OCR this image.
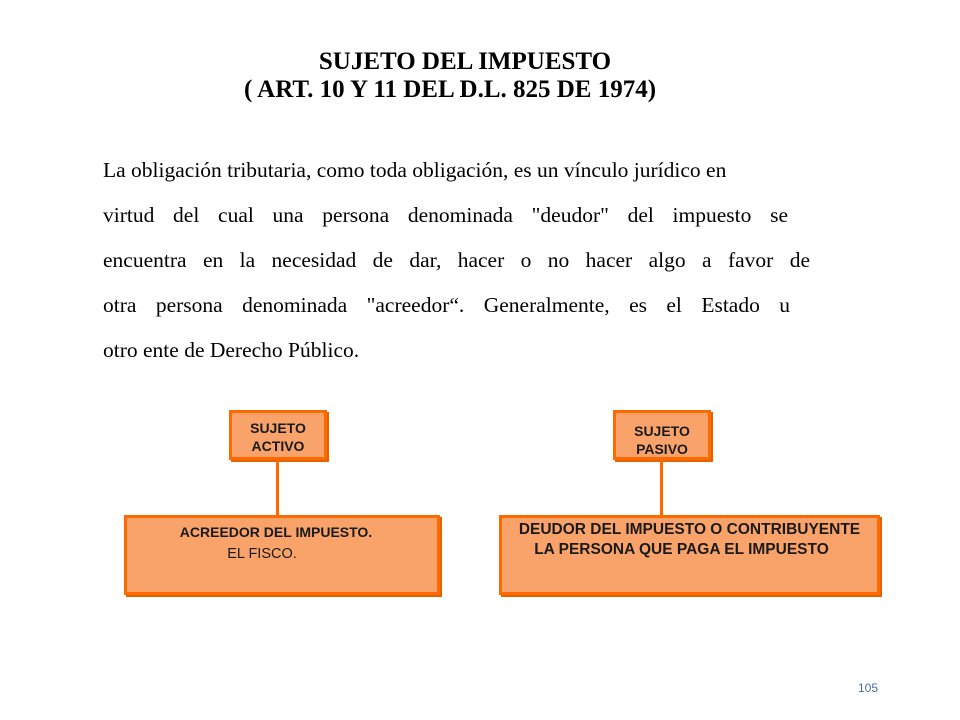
SUJETO DEL IMPUESTO
( ART. 10 Y 11 DEL D.L. 825 DE 1974)
La obligación tributaria, como toda obligación, es un vínculo jurídico en
virtud del cual una persona denominada "deudor" del impuesto se
encuentra en la necesidad de dar, hacer o no hacer algo a favor de
otra persona denominada "acreedor“. Generalmente, es el Estado u
otro ente de Derecho Público.
SUJETO
ACTIVO
ACREEDOR DEL IMPUESTO.
EL FISCO.
SUJETO
PASIVO
DEUDOR DEL IMPUESTO O CONTRIBUYENTE
LA PERSONA QUE PAGA EL IMPUESTO
105
